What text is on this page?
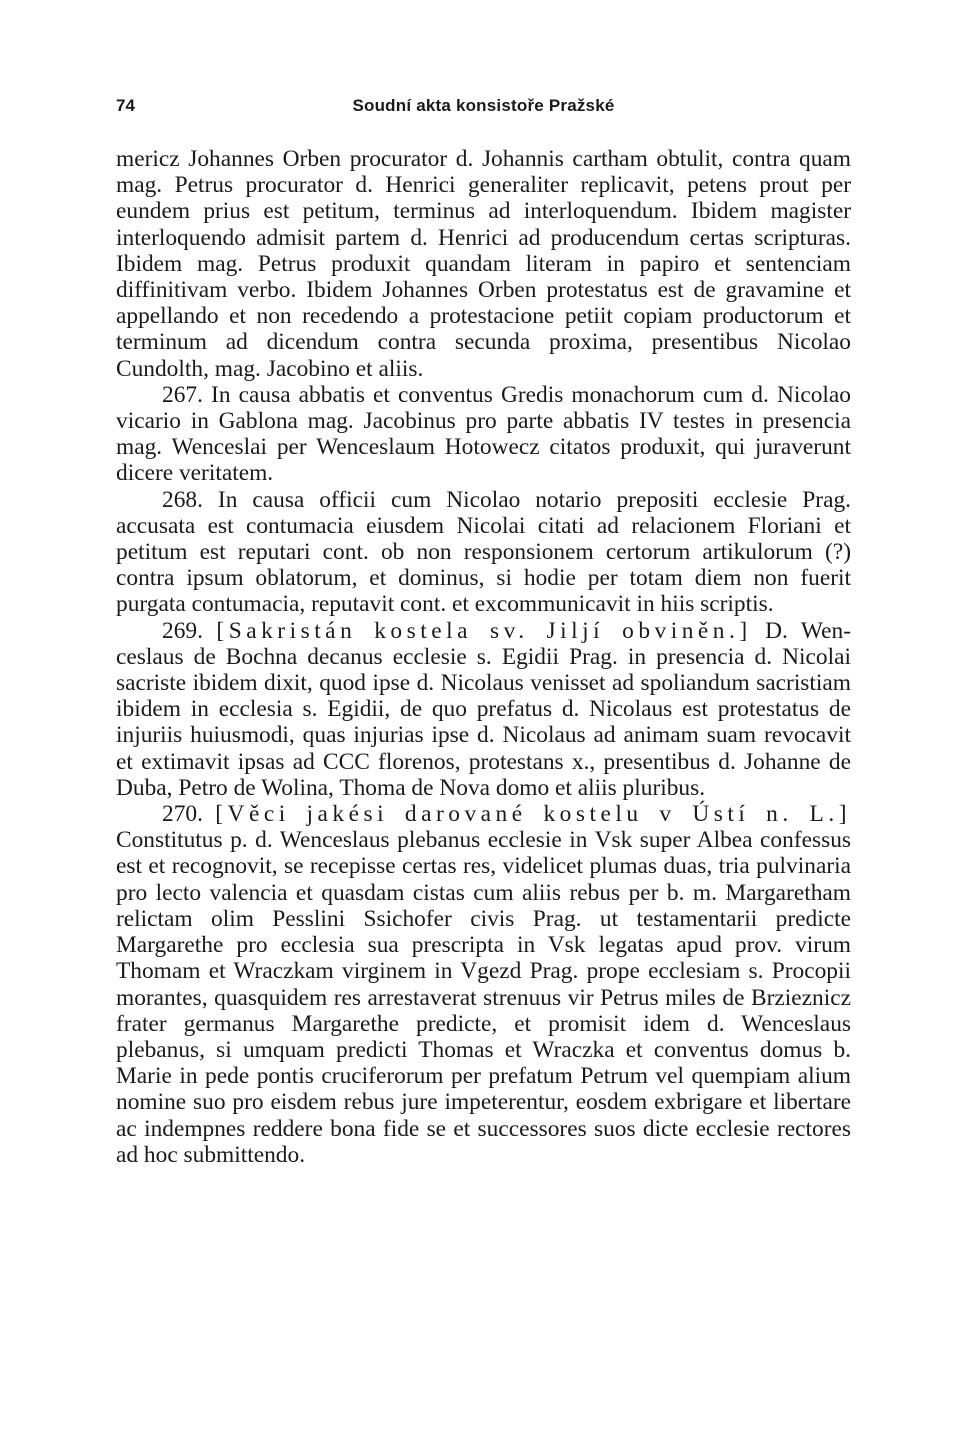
74	Soudní akta konsistoře Pražské

mericz Johannes Orben procurator d. Johannis cartham obtulit, contra quam mag. Petrus procurator d. Henrici generaliter replicavit, petens prout per eundem prius est petitum, terminus ad interloquendum. Ibidem magister interloquendo admisit partem d. Henrici ad producendum certas scripturas. Ibidem mag. Petrus produxit quandam literam in papiro et sentenciam diffinitivam verbo. Ibidem Johannes Orben protestatus est de gravamine et appellando et non recedendo a protestacione petiit copiam productorum et terminum ad dicendum contra secunda proxima, presentibus Nicolao Cundolth, mag. Jacobino et aliis.

267. In causa abbatis et conventus Gredis monachorum cum d. Nicolao vicario in Gablona mag. Jacobinus pro parte abbatis IV testes in presencia mag. Wenceslai per Wenceslaum Hotowecz citatos produxit, qui juraverunt dicere veritatem.

268. In causa officii cum Nicolao notario prepositi ecclesie Prag. accusata est contumacia eiusdem Nicolai citati ad relacionem Floriani et petitum est reputari cont. ob non responsionem certorum artikulorum (?) contra ipsum oblatorum, et dominus, si hodie per totam diem non fuerit purgata contumacia, reputavit cont. et excommunicavit in hiis scriptis.

269. [Sakristán kostela sv. Jiljí obviněn.] D. Wenceslaus de Bochna decanus ecclesie s. Egidii Prag. in presencia d. Nicolai sacriste ibidem dixit, quod ipse d. Nicolaus venisset ad spoliandum sacristiam ibidem in ecclesia s. Egidii, de quo prefatus d. Nicolaus est protestatus de injuriis huiusmodi, quas injurias ipse d. Nicolaus ad animam suam revocavit et extimavit ipsas ad CCC florenos, protestans x., presentibus d. Johanne de Duba, Petro de Wolina, Thoma de Nova domo et aliis pluribus.

270. [Věci jakési darované kostelu v Ústí n. L.] Constitutus p. d. Wenceslaus plebanus ecclesie in Vsk super Albea confessus est et recognovit, se recepisse certas res, videlicet plumas duas, tria pulvinaria pro lecto valencia et quasdam cistas cum aliis rebus per b. m. Margaretham relictam olim Pesslini Ssichofer civis Prag. ut testamentarii predicte Margarethe pro ecclesia sua prescripta in Vsk legatas apud prov. virum Thomam et Wraczkam virginem in Vgezd Prag. prope ecclesiam s. Procopii morantes, quasquidem res arrestaverat strenuus vir Petrus miles de Brzieznicz frater germanus Margarethe predicte, et promisit idem d. Wenceslaus plebanus, si umquam predicti Thomas et Wraczka et conventus domus b. Marie in pede pontis cruciferorum per prefatum Petrum vel quempiam alium nomine suo pro eisdem rebus jure impeterentur, eosdem exbrigare et libertare ac indempnes reddere bona fide se et successores suos dicte ecclesie rectores ad hoc submittendo.
